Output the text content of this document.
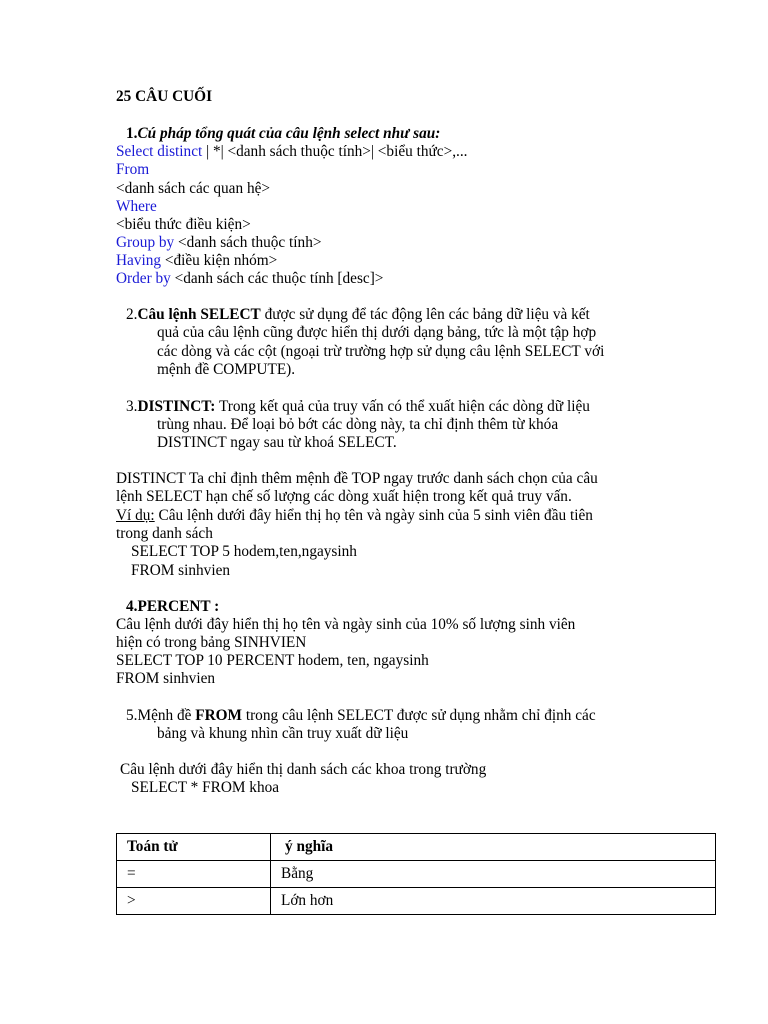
25 CÂU CUỐI
1.Cú pháp tổng quát của câu lệnh select như sau:
Select distinct | *| <danh sách thuộc tính>| <biểu thức>,...
From
<danh sách các quan hệ>
Where
<biểu thức điều kiện>
Group by <danh sách thuộc tính>
Having <điều kiện nhóm>
Order by <danh sách các thuộc tính [desc]>
2.Câu lệnh SELECT được sử dụng để tác động lên các bảng dữ liệu và kết
quả của câu lệnh cũng được hiển thị dưới dạng bảng, tức là một tập hợp
các dòng và các cột (ngoại trừ trường hợp sử dụng câu lệnh SELECT với
mệnh đề COMPUTE).
3.DISTINCT: Trong kết quả của truy vấn có thể xuất hiện các dòng dữ liệu
trùng nhau. Để loại bỏ bớt các dòng này, ta chỉ định thêm từ khóa
DISTINCT ngay sau từ khoá SELECT.
DISTINCT Ta chỉ định thêm mệnh đề TOP ngay trước danh sách chọn của câu
lệnh SELECT hạn chế số lượng các dòng xuất hiện trong kết quả truy vấn.
Ví dụ: Câu lệnh dưới đây hiển thị họ tên và ngày sinh của 5 sinh viên đầu tiên
trong danh sách
SELECT TOP 5 hodem,ten,ngaysinh
FROM sinhvien
4.PERCENT :
Câu lệnh dưới đây hiển thị họ tên và ngày sinh của 10% số lượng sinh viên
hiện có trong bảng SINHVIEN
SELECT TOP 10 PERCENT hodem, ten, ngaysinh
FROM sinhvien
5.Mệnh đề FROM trong câu lệnh SELECT được sử dụng nhằm chỉ định các
bảng và khung nhìn cần truy xuất dữ liệu
Câu lệnh dưới đây hiển thị danh sách các khoa trong trường
SELECT * FROM khoa
Toán tử	ý nghĩa
=	Bằng
>	Lớn hơn
